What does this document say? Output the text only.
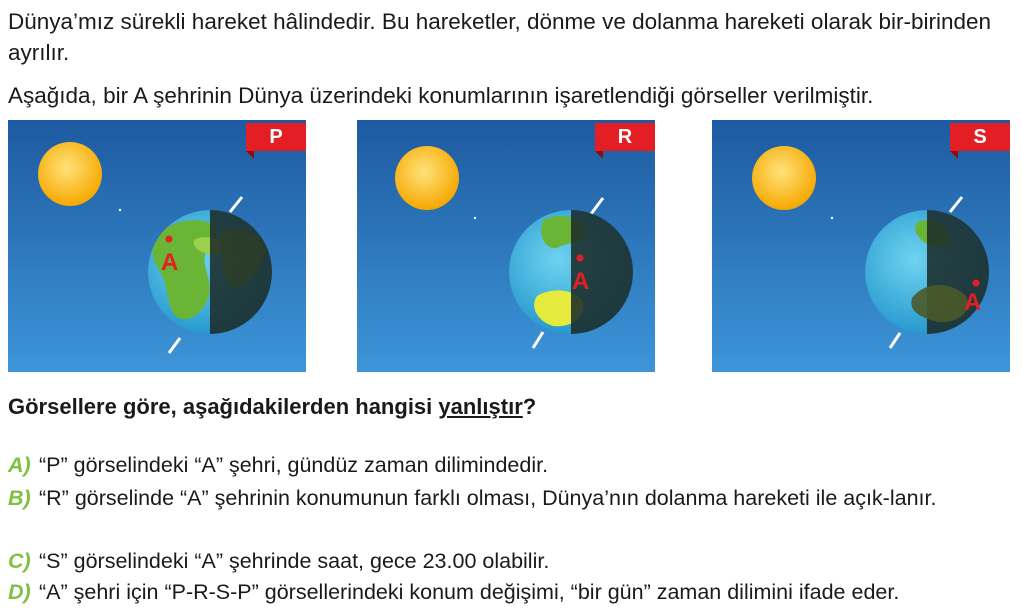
Dünya’mız sürekli hareket hâlindedir. Bu hareketler, dönme ve dolanma hareketi olarak bir-birinden ayrılır.

Aşağıda, bir A şehrinin Dünya üzerindeki konumlarının işaretlendiği görseller verilmiştir.

A
P
A
R
A
S

Görsellere göre, aşağıdakilerden hangisi yanlıştır?

A) “P” görselindeki “A” şehri, gündüz zaman dilimindedir.
B) “R” görselinde “A” şehrinin konumunun farklı olması, Dünya’nın dolanma hareketi ile açık-lanır.
C) “S” görselindeki “A” şehrinde saat, gece 23.00 olabilir.
D) “A” şehri için “P-R-S-P” görsellerindeki konum değişimi, “bir gün” zaman dilimini ifade eder.
